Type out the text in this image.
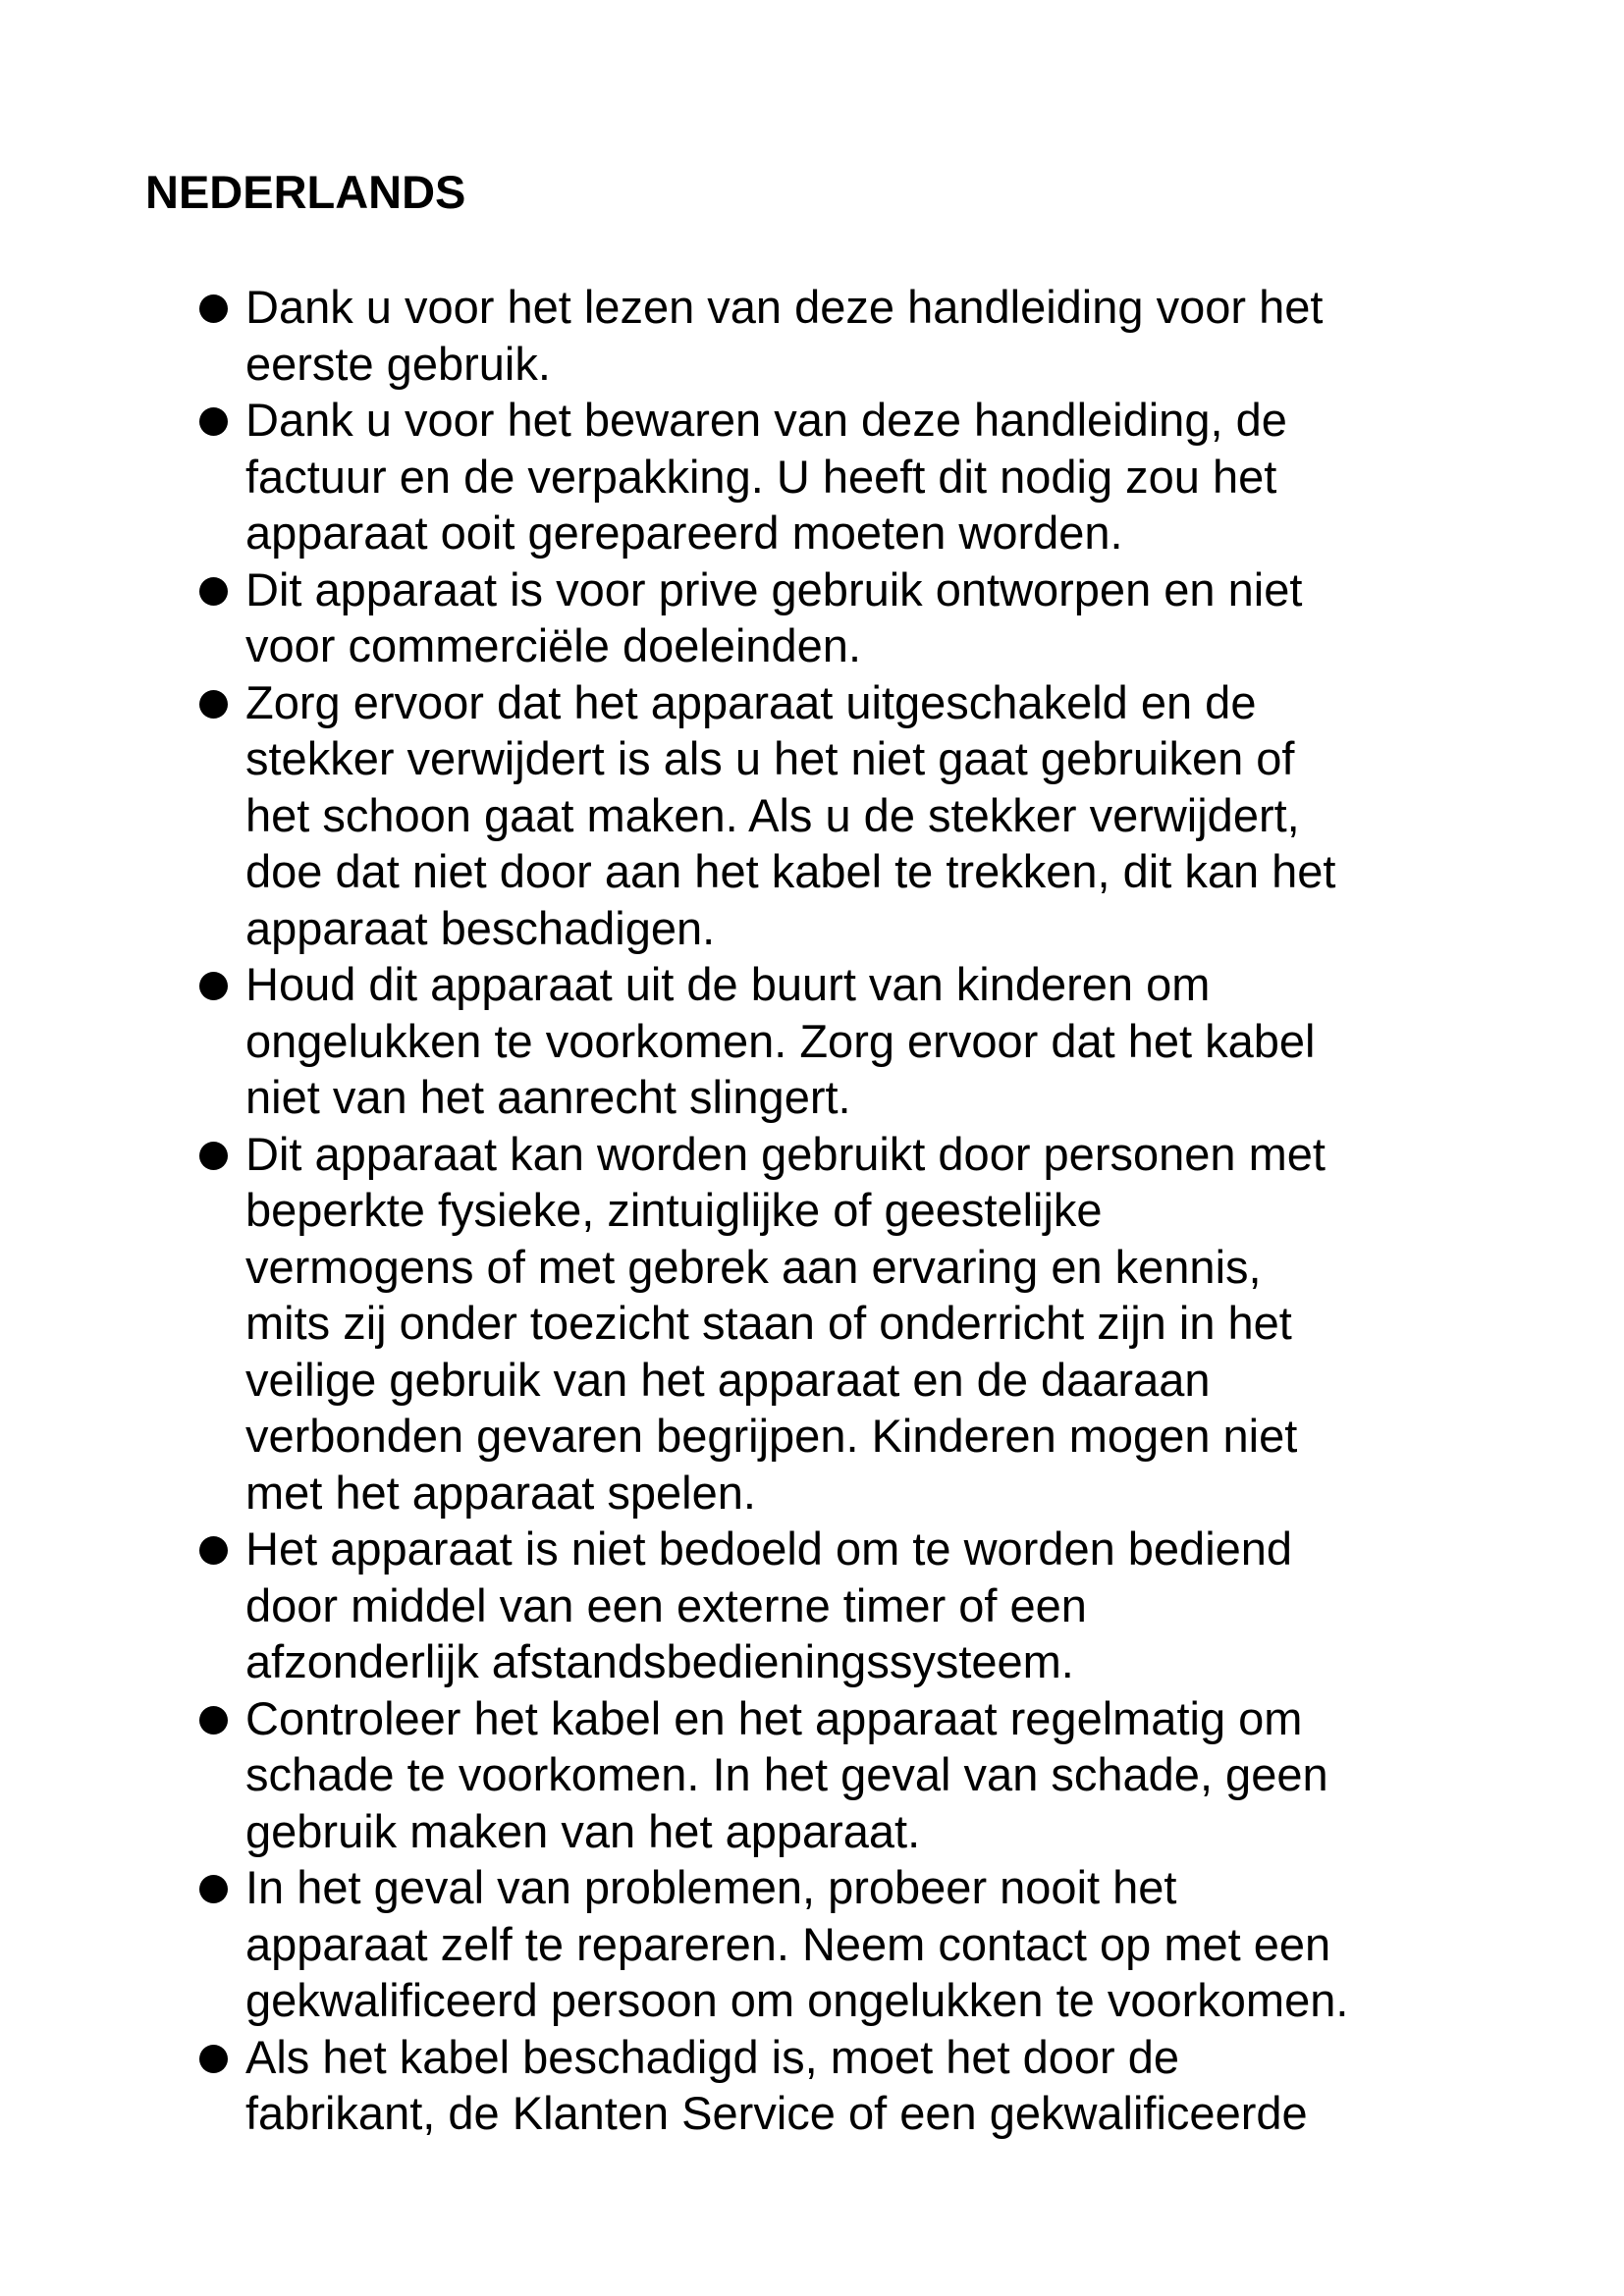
NEDERLANDS
Dank u voor het lezen van deze handleiding voor het
eerste gebruik.
Dank u voor het bewaren van deze handleiding, de
factuur en de verpakking. U heeft dit nodig zou het
apparaat ooit gerepareerd moeten worden.
Dit apparaat is voor prive gebruik ontworpen en niet
voor commerciële doeleinden.
Zorg ervoor dat het apparaat uitgeschakeld en de
stekker verwijdert is als u het niet gaat gebruiken of
het schoon gaat maken. Als u de stekker verwijdert,
doe dat niet door aan het kabel te trekken, dit kan het
apparaat beschadigen.
Houd dit apparaat uit de buurt van kinderen om
ongelukken te voorkomen. Zorg ervoor dat het kabel
niet van het aanrecht slingert.
Dit apparaat kan worden gebruikt door personen met
beperkte fysieke, zintuiglijke of geestelijke
vermogens of met gebrek aan ervaring en kennis,
mits zij onder toezicht staan of onderricht zijn in het
veilige gebruik van het apparaat en de daaraan
verbonden gevaren begrijpen. Kinderen mogen niet
met het apparaat spelen.
Het apparaat is niet bedoeld om te worden bediend
door middel van een externe timer of een
afzonderlijk afstandsbedieningssysteem.
Controleer het kabel en het apparaat regelmatig om
schade te voorkomen. In het geval van schade, geen
gebruik maken van het apparaat.
In het geval van problemen, probeer nooit het
apparaat zelf te repareren. Neem contact op met een
gekwalificeerd persoon om ongelukken te voorkomen.
Als het kabel beschadigd is, moet het door de
fabrikant, de Klanten Service of een gekwalificeerde
